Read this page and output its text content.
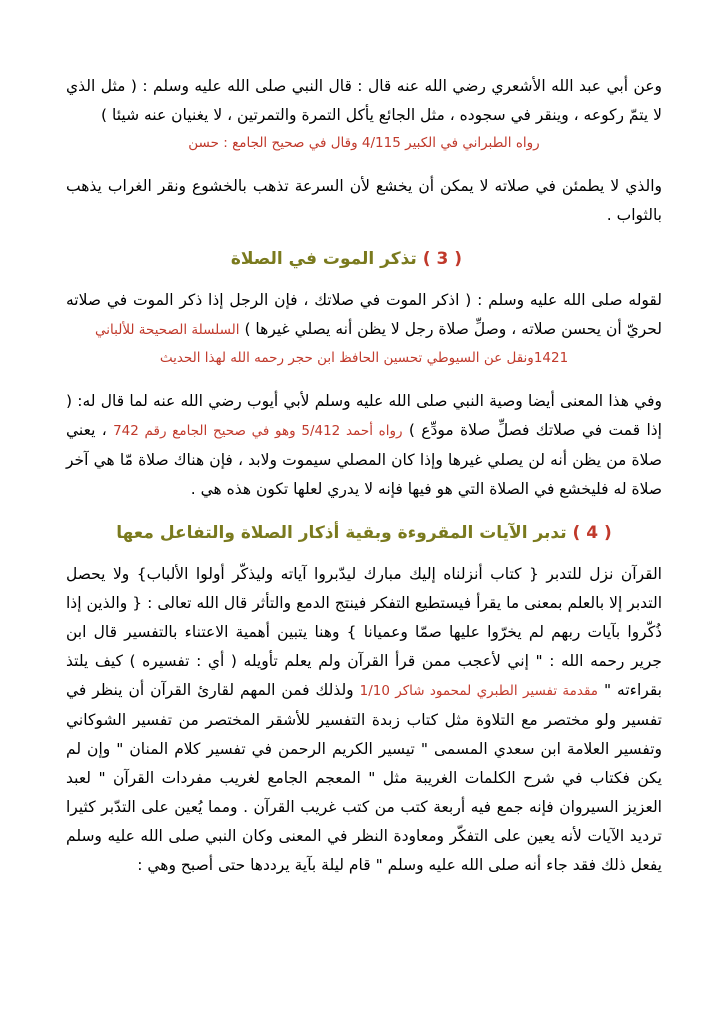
وعن أبي عبد الله الأشعري رضي الله عنه قال : قال النبي صلى الله عليه وسلم : ( مثل الذي لا يتمّ ركوعه ، وينقر في سجوده ، مثل الجائع يأكل التمرة والتمرتين ، لا يغنيان عنه شيئا )

رواه الطبراني في الكبير 4/115 وقال في صحيح الجامع : حسن

والذي لا يطمئن في صلاته لا يمكن أن يخشع لأن السرعة تذهب بالخشوع ونقر الغراب يذهب بالثواب .

( 3 ) تذكر الموت في الصلاة

لقوله صلى الله عليه وسلم : ( اذكر الموت في صلاتك ، فإن الرجل إذا ذكر الموت في صلاته لحريّ أن يحسن صلاته ، وصلِّ صلاة رجل لا يظن أنه يصلي غيرها ) السلسلة الصحيحة للألباني

1421ونقل عن السيوطي تحسين الحافظ ابن حجر رحمه الله لهذا الحديث

وفي هذا المعنى أيضا وصية النبي صلى الله عليه وسلم لأبي أيوب رضي الله عنه لما قال له: ( إذا قمت في صلاتك فصلِّ صلاة مودِّع ) رواه أحمد 5/412 وهو في صحيح الجامع رقم 742 ، يعني صلاة من يظن أنه لن يصلي غيرها وإذا كان المصلي سيموت ولابد ، فإن هناك صلاة مّا هي آخر صلاة له فليخشع في الصلاة التي هو فيها فإنه لا يدري لعلها تكون هذه هي .

( 4 ) تدبر الآيات المقروءة وبقية أذكار الصلاة والتفاعل معها

القرآن نزل للتدبر { كتاب أنزلناه إليك مبارك ليدّبروا آياته وليذكّر أولوا الألباب} ولا يحصل التدبر إلا بالعلم بمعنى ما يقرأ فيستطيع التفكر فينتج الدمع والتأثر قال الله تعالى : { والذين إذا ذُكّروا بآيات ربهم لم يخرّوا عليها صمّا وعميانا } وهنا يتبين أهمية الاعتناء بالتفسير قال ابن جرير رحمه الله : " إني لأعجب ممن قرأ القرآن ولم يعلم تأويله ( أي : تفسيره ) كيف يلتذ بقراءته " مقدمة تفسير الطبري لمحمود شاكر 1/10 ولذلك فمن المهم لقارئ القرآن أن ينظر في تفسير ولو مختصر مع التلاوة مثل كتاب زبدة التفسير للأشقر المختصر من تفسير الشوكاني وتفسير العلامة ابن سعدي المسمى " تيسير الكريم الرحمن في تفسير كلام المنان " وإن لم يكن فكتاب في شرح الكلمات الغريبة مثل " المعجم الجامع لغريب مفردات القرآن " لعبد العزيز السيروان فإنه جمع فيه أربعة كتب من كتب غريب القرآن . ومما يُعين على التدّبر كثيرا ترديد الآيات لأنه يعين على التفكّر ومعاودة النظر في المعنى وكان النبي صلى الله عليه وسلم يفعل ذلك فقد جاء أنه صلى الله عليه وسلم " قام ليلة بآية يرددها حتى أصبح وهي :
